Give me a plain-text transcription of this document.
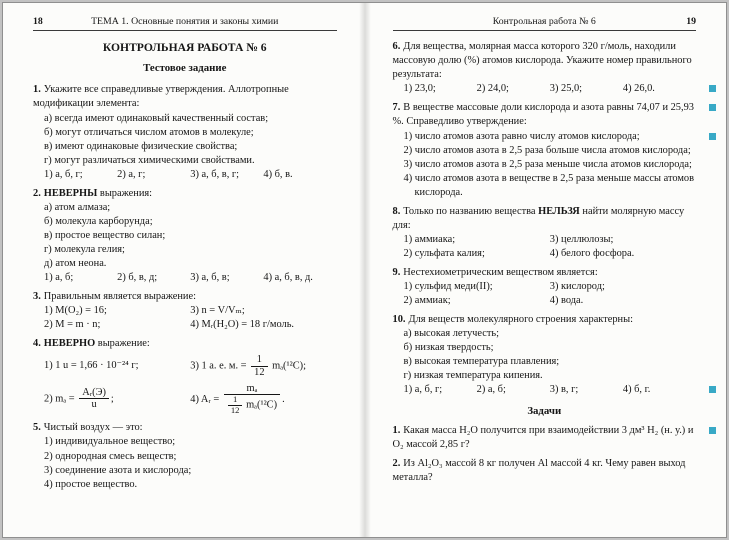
18	ТЕМА 1. Основные понятия и законы химии
КОНТРОЛЬНАЯ РАБОТА № 6
Тестовое задание
1. Укажите все справедливые утверждения. Аллотропные модификации элемента:
а) всегда имеют одинаковый качественный состав;
б) могут отличаться числом атомов в молекуле;
в) имеют одинаковые физические свойства;
г) могут различаться химическими свойствами.
1) а, б, г;	2) а, г;	3) а, б, в, г;	4) б, в.
2. НЕВЕРНЫ выражения:
а) атом алмаза;
б) молекула карборунда;
в) простое вещество силан;
г) молекула гелия;
д) атом неона.
1) а, б;	2) б, в, д;	3) а, б, в;	4) а, б, в, д.
3. Правильным является выражение:
1) M(O₂) = 16;	3) n = V/Vₘ;
2) M = m · n;	4) Mᵣ(H₂O) = 18 г/моль.
4. НЕВЕРНО выражение:
1) 1 u = 1,66 · 10⁻²⁴ г;	3) 1 а. е. м. = $\frac{1}{12} m_a(^{12}C)$;
2) $m_a = \frac{\text{Aᵣ(Э)}}{u}$ ;	4) Aᵣ = $\frac{\text{mₐ}}{\frac{1}{12} m_a(^{12}C)}$ .
5. Чистый воздух — это:
1) индивидуальное вещество;
2) однородная смесь веществ;
3) соединение азота и кислорода;
4) простое вещество.
Контрольная работа № 6	19
6. Для вещества, молярная масса которого 320 г/моль, находили массовую долю (%) атомов кислорода. Укажите номер правильного результата:
1) 23,0;	2) 24,0;	3) 25,0;	4) 26,0.
7. В веществе массовые доли кислорода и азота равны 74,07 и 25,93 %. Справедливо утверждение:
1) число атомов азота равно числу атомов кислорода;
2) число атомов азота в 2,5 раза больше числа атомов кислорода;
3) число атомов азота в 2,5 раза меньше числа атомов кислорода;
4) число атомов азота в веществе в 2,5 раза меньше массы атомов кислорода.
8. Только по названию вещества НЕЛЬЗЯ найти молярную массу для:
1) аммиака;	3) целлюлозы;
2) сульфата калия;	4) белого фосфора.
9. Нестехиометрическим веществом является:
1) сульфид меди(II);	3) кислород;
2) аммиак;	4) вода.
10. Для веществ молекулярного строения характерны:
а) высокая летучесть;
б) низкая твердость;
в) высокая температура плавления;
г) низкая температура кипения.
1) а, б, г;	2) а, б;	3) в, г;	4) б, г.
Задачи
1. Какая масса H₂O получится при взаимодействии 3 дм³ H₂ (н. у.) и O₂ массой 2,85 г?
2. Из Al₂O₃ массой 8 кг получен Al массой 4 кг. Чему равен выход металла?
